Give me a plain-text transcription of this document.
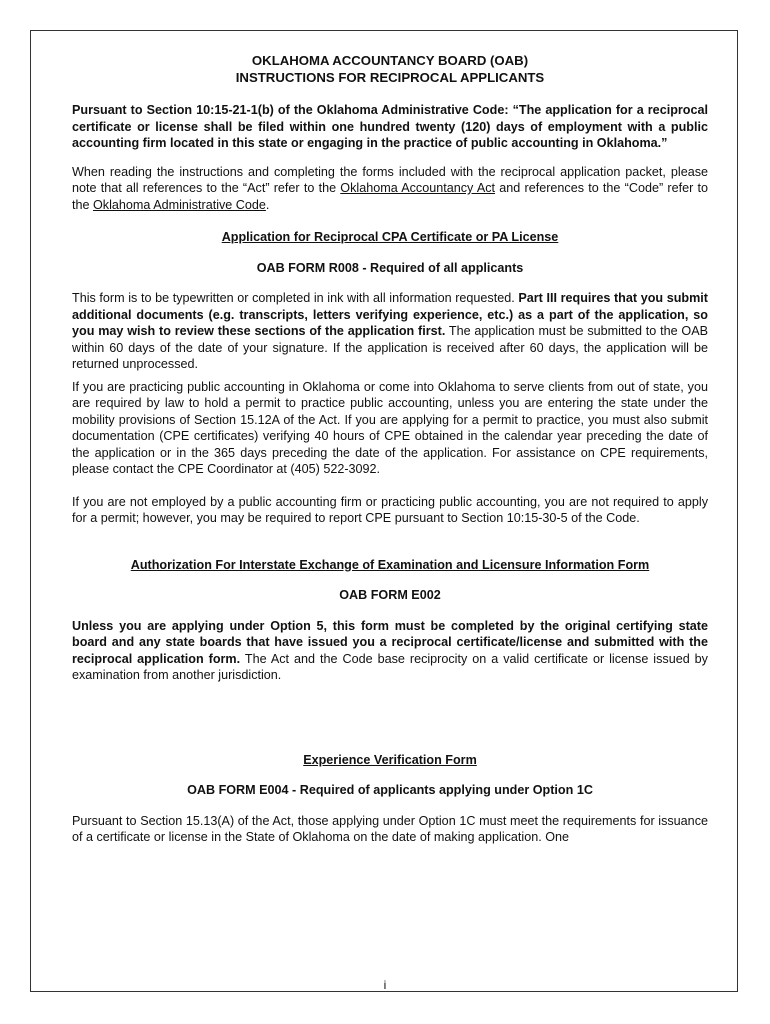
OKLAHOMA ACCOUNTANCY BOARD (OAB)
INSTRUCTIONS FOR RECIPROCAL APPLICANTS

Pursuant to Section 10:15-21-1(b) of the Oklahoma Administrative Code: “The application for a reciprocal certificate or license shall be filed within one hundred twenty (120) days of employment with a public accounting firm located in this state or engaging in the practice of public accounting in Oklahoma.”

When reading the instructions and completing the forms included with the reciprocal application packet, please note that all references to the “Act” refer to the Oklahoma Accountancy Act and references to the “Code” refer to the Oklahoma Administrative Code.

Application for Reciprocal CPA Certificate or PA License

OAB FORM R008 - Required of all applicants

This form is to be typewritten or completed in ink with all information requested. Part III requires that you submit additional documents (e.g. transcripts, letters verifying experience, etc.) as a part of the application, so you may wish to review these sections of the application first. The application must be submitted to the OAB within 60 days of the date of your signature. If the application is received after 60 days, the application will be returned unprocessed.

If you are practicing public accounting in Oklahoma or come into Oklahoma to serve clients from out of state, you are required by law to hold a permit to practice public accounting, unless you are entering the state under the mobility provisions of Section 15.12A of the Act. If you are applying for a permit to practice, you must also submit documentation (CPE certificates) verifying 40 hours of CPE obtained in the calendar year preceding the date of the application or in the 365 days preceding the date of the application. For assistance on CPE requirements, please contact the CPE Coordinator at (405) 522-3092.

If you are not employed by a public accounting firm or practicing public accounting, you are not required to apply for a permit; however, you may be required to report CPE pursuant to Section 10:15-30-5 of the Code.

Authorization For Interstate Exchange of Examination and Licensure Information Form

OAB FORM E002

Unless you are applying under Option 5, this form must be completed by the original certifying state board and any state boards that have issued you a reciprocal certificate/license and submitted with the reciprocal application form. The Act and the Code base reciprocity on a valid certificate or license issued by examination from another jurisdiction.

Experience Verification Form

OAB FORM E004 - Required of applicants applying under Option 1C

Pursuant to Section 15.13(A) of the Act, those applying under Option 1C must meet the requirements for issuance of a certificate or license in the State of Oklahoma on the date of making application. One

i
